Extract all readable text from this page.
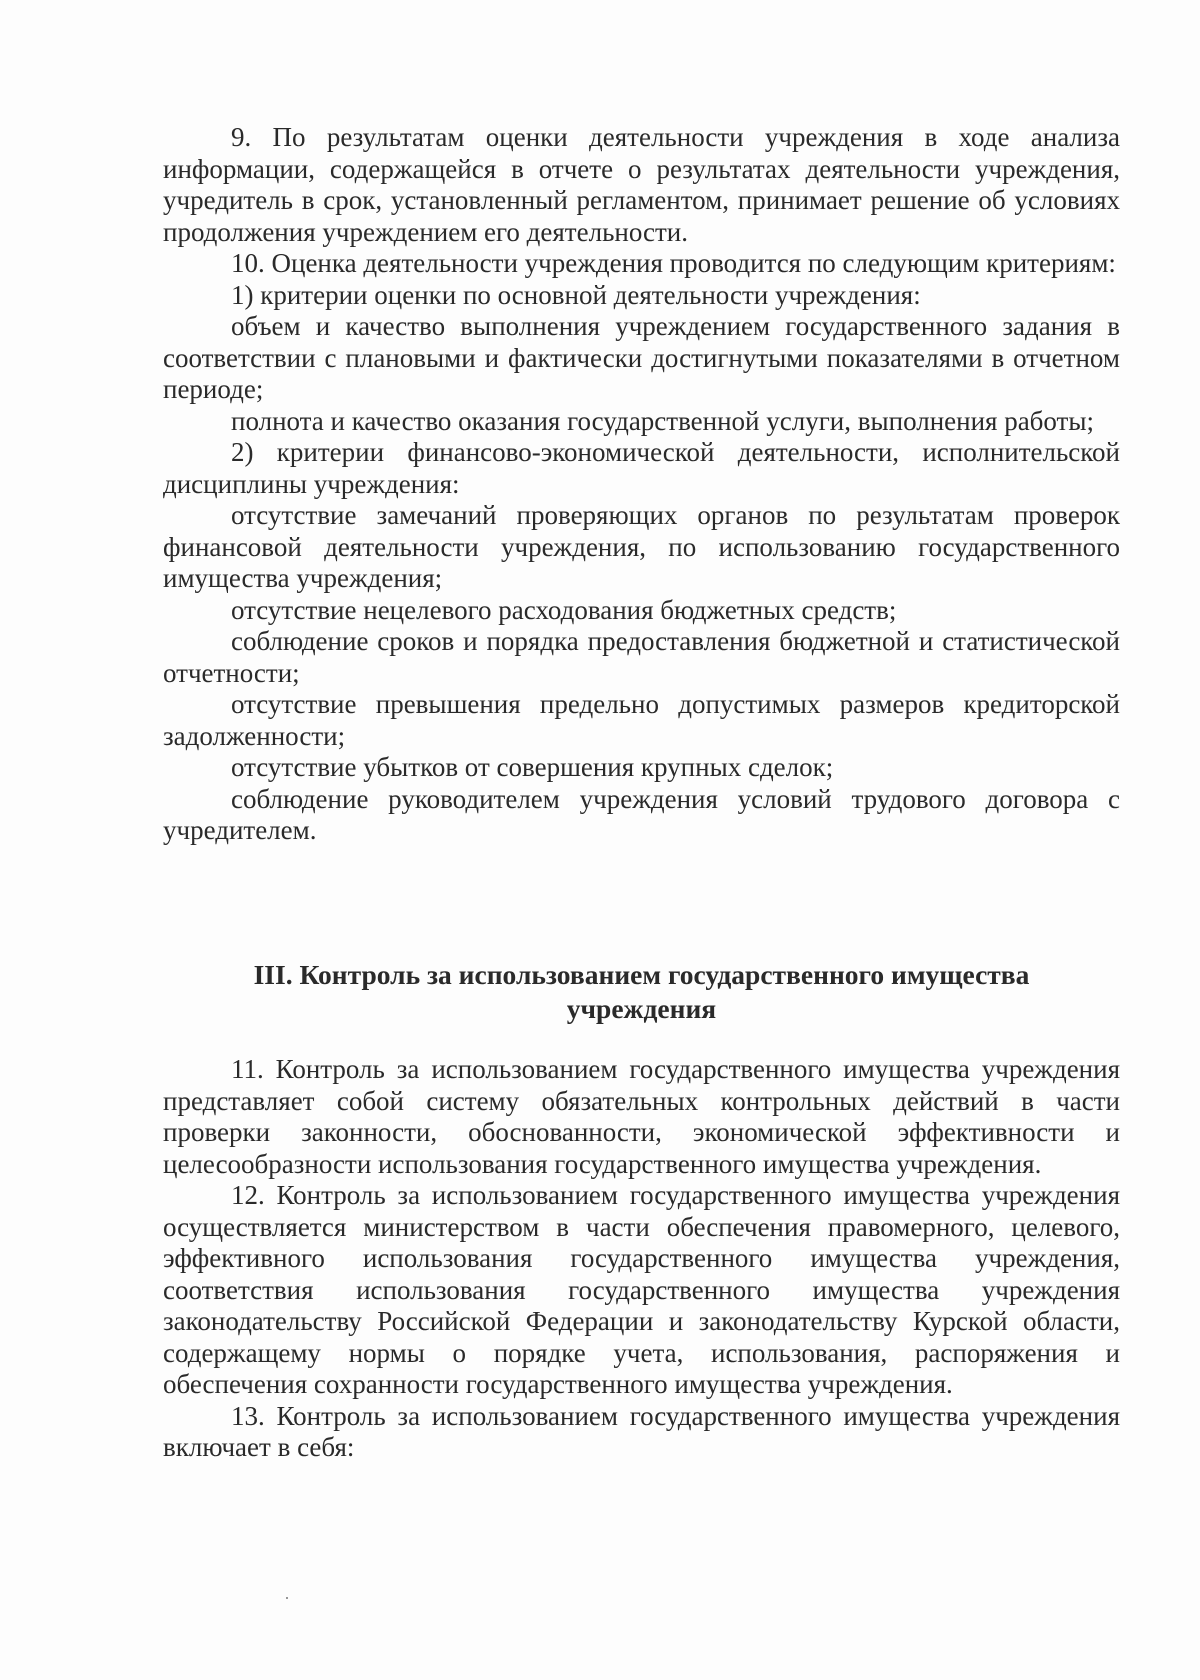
9. По результатам оценки деятельности учреждения в ходе анализа информации, содержащейся в отчете о результатах деятельности учреждения, учредитель в срок, установленный регламентом, принимает решение об условиях продолжения учреждением его деятельности.

10. Оценка деятельности учреждения проводится по следующим критериям:

1) критерии оценки по основной деятельности учреждения:

объем и качество выполнения учреждением государственного задания в соответствии с плановыми и фактически достигнутыми показателями в отчетном периоде;

полнота и качество оказания государственной услуги, выполнения работы;

2) критерии финансово-экономической деятельности, исполнительской дисциплины учреждения:

отсутствие замечаний проверяющих органов по результатам проверок финансовой деятельности учреждения, по использованию государственного имущества учреждения;

отсутствие нецелевого расходования бюджетных средств;

соблюдение сроков и порядка предоставления бюджетной и статистической отчетности;

отсутствие превышения предельно допустимых размеров кредиторской задолженности;

отсутствие убытков от совершения крупных сделок;

соблюдение руководителем учреждения условий трудового договора с учредителем.

III. Контроль за использованием государственного имущества
учреждения

11. Контроль за использованием государственного имущества учреждения представляет собой систему обязательных контрольных действий в части проверки законности, обоснованности, экономической эффективности и целесообразности использования государственного имущества учреждения.

12. Контроль за использованием государственного имущества учреждения осуществляется министерством в части обеспечения правомерного, целевого, эффективного использования государственного имущества учреждения, соответствия использования государственного имущества учреждения законодательству Российской Федерации и законодательству Курской области, содержащему нормы о порядке учета, использования, распоряжения и обеспечения сохранности государственного имущества учреждения.

13. Контроль за использованием государственного имущества учреждения включает в себя:
